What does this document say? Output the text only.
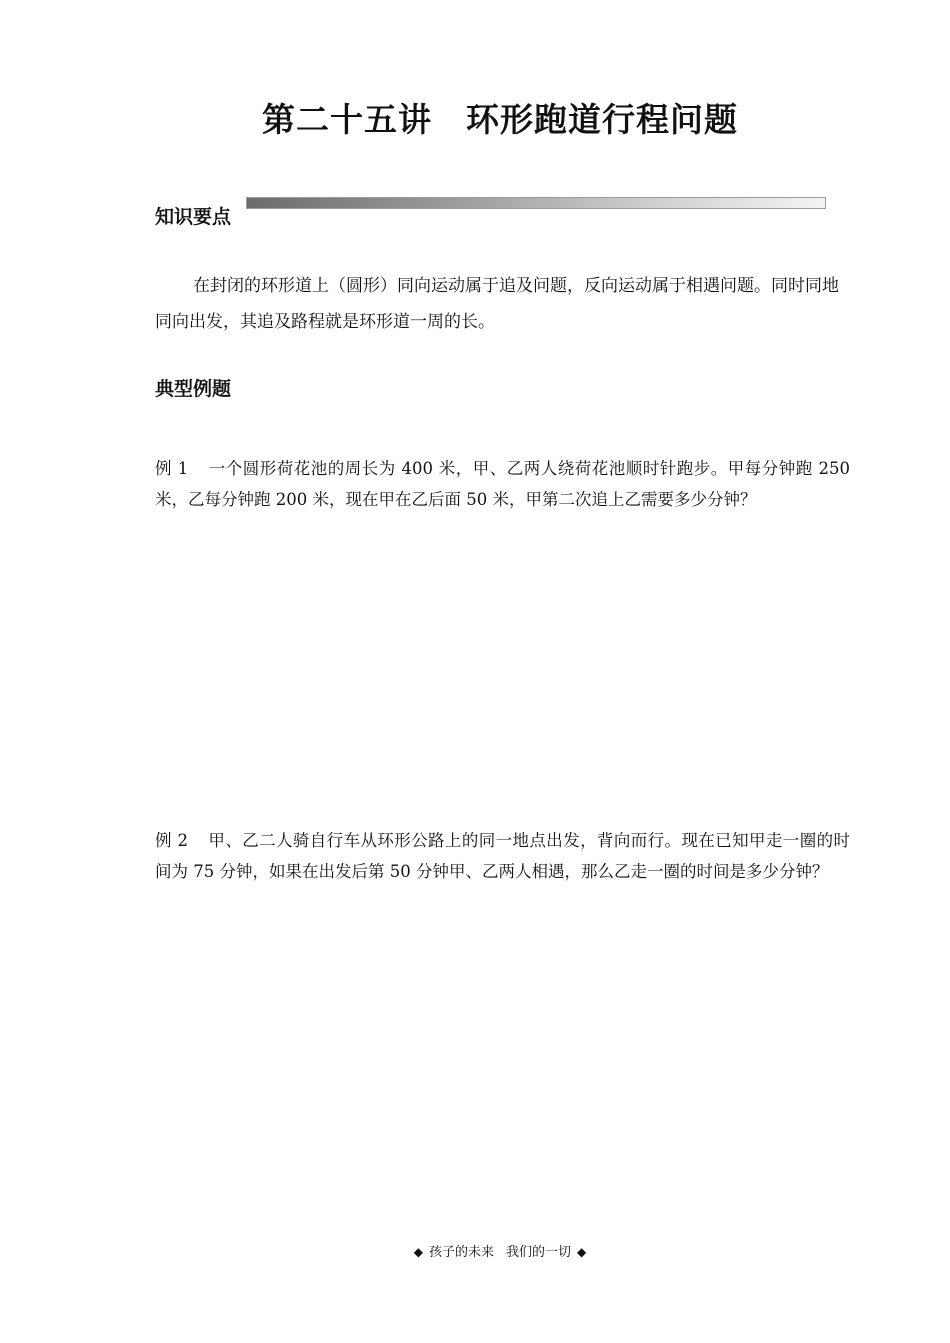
第二十五讲　环形跑道行程问题
知识要点

在封闭的环形道上（圆形）同向运动属于追及问题，反向运动属于相遇问题。同时同地同向出发，其追及路程就是环形道一周的长。

典型例题
例 1 一个圆形荷花池的周长为 400 米，甲、乙两人绕荷花池顺时针跑步。甲每分钟跑 250 米，乙每分钟跑 200 米，现在甲在乙后面 50 米，甲第二次追上乙需要多少分钟？
例 2 甲、乙二人骑自行车从环形公路上的同一地点出发，背向而行。现在已知甲走一圈的时间为 75 分钟，如果在出发后第 50 分钟甲、乙两人相遇，那么乙走一圈的时间是多少分钟？
◆ 孩子的未来 我们的一切 ◆
